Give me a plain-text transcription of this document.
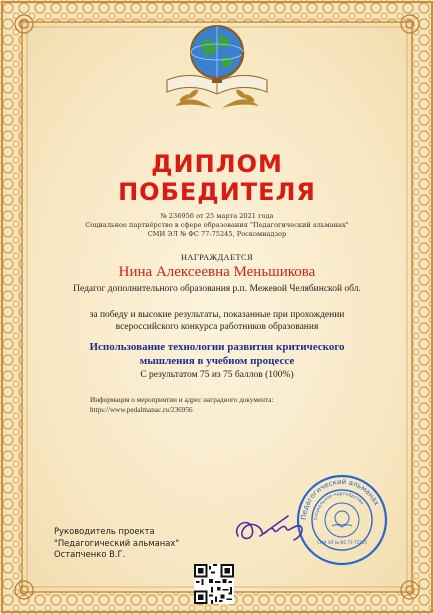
ДИПЛОМ
ПОБЕДИТЕЛЯ
№ 236956 от 25 марта 2021 года
Социальное партнёрство в сфере образования "Педагогический альманах"
СМИ ЭЛ № ФС 77-75245, Роскомнадзор
НАГРАЖДАЕТСЯ
Нина Алексеевна Меньшикова
Педагог дополнительного образования р.п. Межевой Челябинской обл.
за победу и высокие результаты, показанные при прохождении
всероссийского конкурса работников образования
Использование технологии развития критического
мышления в учебном процессе
С результатом 75 из 75 баллов (100%)
Информация о мероприятии и адрес наградного документа:
https://www.pedalmanac.ru/236956
Педагогический альманах
Социальное партнёрство
СМИ ЭЛ № ФС 77-75245
Руководитель проекта
"Педагогический альманах"
Остапченко В.Г.
